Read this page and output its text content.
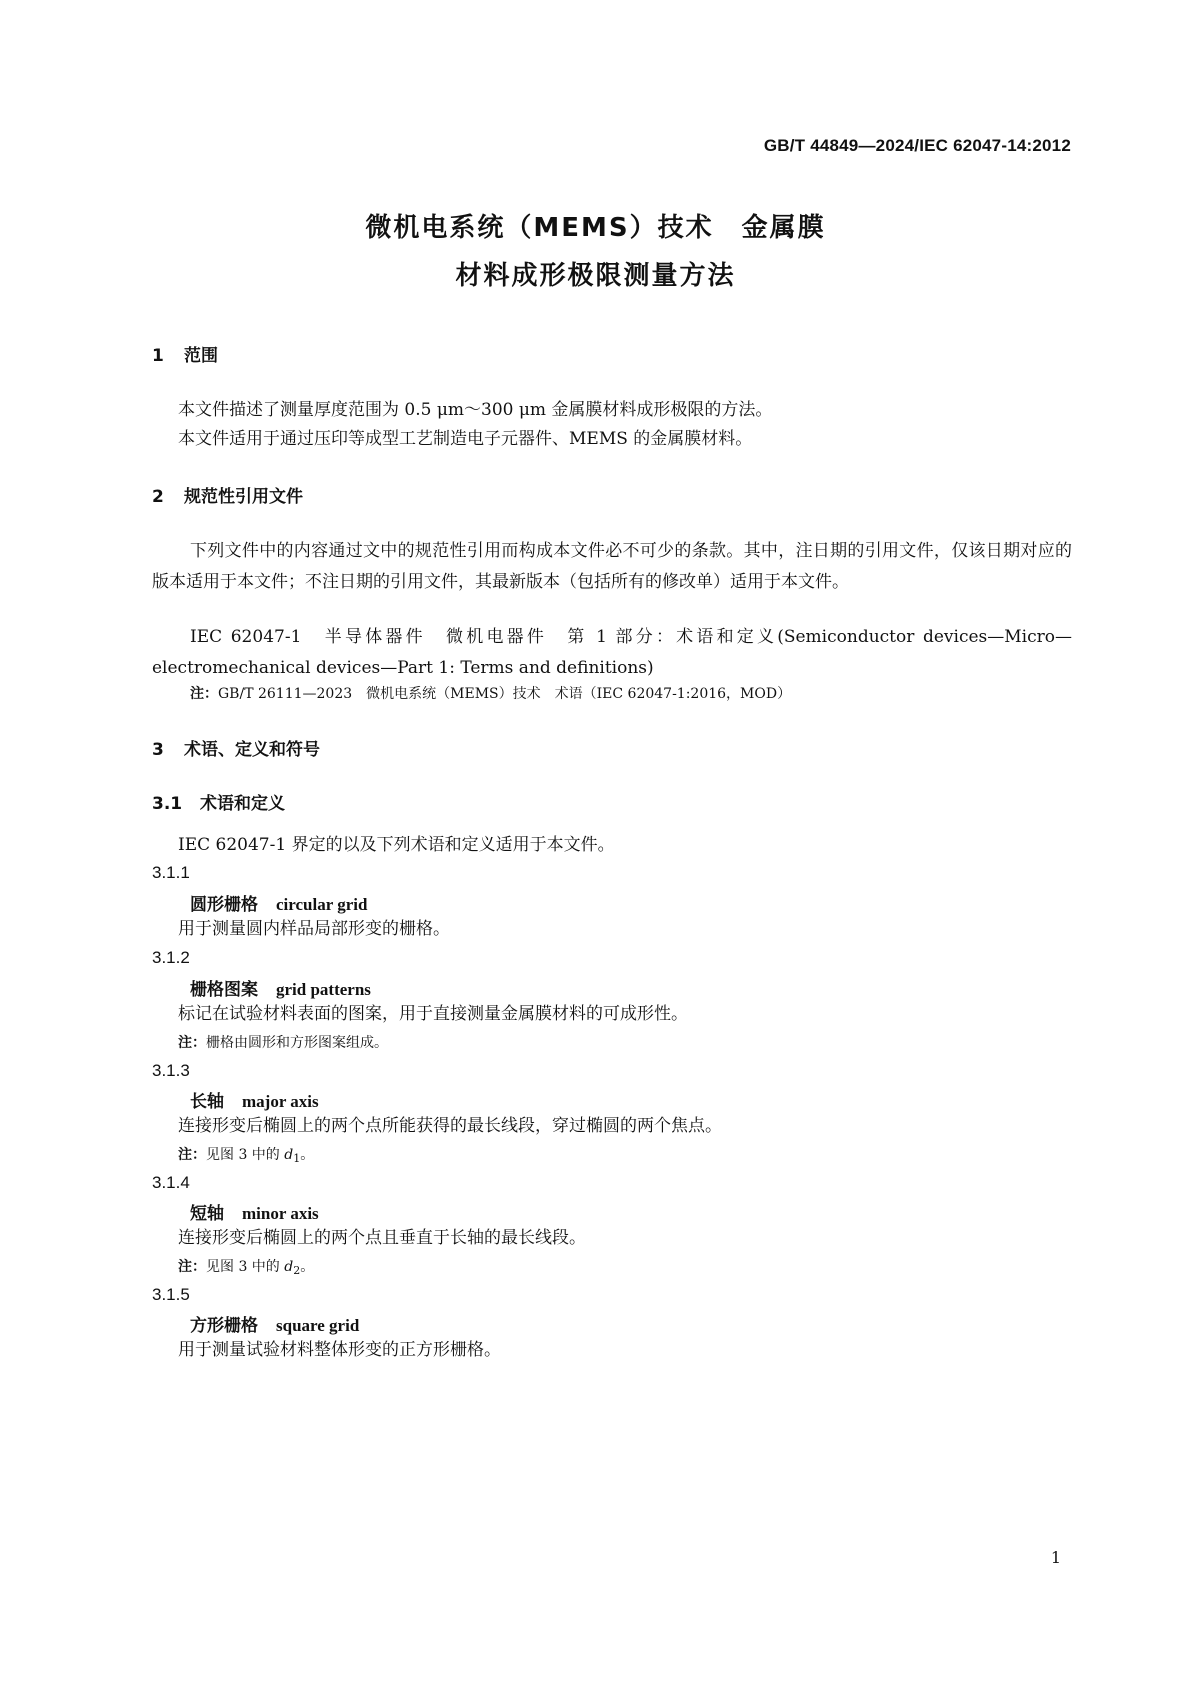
GB/T 44849—2024/IEC 62047-14:2012
微机电系统（MEMS）技术　金属膜
材料成形极限测量方法
1 范围
本文件描述了测量厚度范围为 0.5 μm～300 μm 金属膜材料成形极限的方法。
本文件适用于通过压印等成型工艺制造电子元器件、MEMS 的金属膜材料。
2 规范性引用文件
下列文件中的内容通过文中的规范性引用而构成本文件必不可少的条款。其中，注日期的引用文件，仅该日期对应的版本适用于本文件；不注日期的引用文件，其最新版本（包括所有的修改单）适用于本文件。
IEC 62047-1　半导体器件　微机电器件　第 1 部分：术语和定义(Semiconductor devices—Micro—electromechanical devices—Part 1: Terms and definitions)
注：GB/T 26111—2023　微机电系统（MEMS）技术　术语（IEC 62047-1:2016，MOD）
3 术语、定义和符号
3.1 术语和定义
IEC 62047-1 界定的以及下列术语和定义适用于本文件。
3.1.1
圆形栅格 circular grid
用于测量圆内样品局部形变的栅格。
3.1.2
栅格图案 grid patterns
标记在试验材料表面的图案，用于直接测量金属膜材料的可成形性。
注：栅格由圆形和方形图案组成。
3.1.3
长轴 major axis
连接形变后椭圆上的两个点所能获得的最长线段，穿过椭圆的两个焦点。
注：见图 3 中的 $d_1$。
3.1.4
短轴 minor axis
连接形变后椭圆上的两个点且垂直于长轴的最长线段。
注：见图 3 中的 $d_2$。
3.1.5
方形栅格 square grid
用于测量试验材料整体形变的正方形栅格。
1
